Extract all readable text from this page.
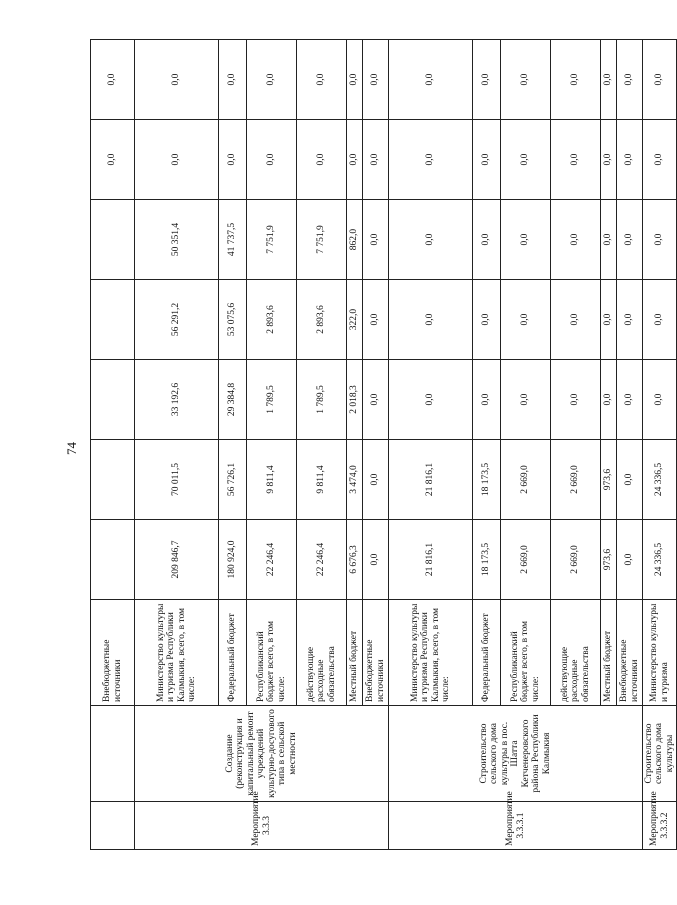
74
		Внебюджетные источники						0,0	0,0
Мероприятие 3.3.3	Создание (реконструкция и капитальный ремонт учреждений культурно-досугового типа в сельской местности	Министерство культуры и туризма Республики Калмыкия, всего, в том числе:	209 846,7	70 011,5	33 192,6	56 291,2	50 351,4	0,0	0,0
		Федеральный бюджет	180 924,0	56 726,1	29 384,8	53 075,6	41 737,5	0,0	0,0
		Республиканский бюджет всего, в том числе:	22 246,4	9 811,4	1 789,5	2 893,6	7 751,9	0,0	0,0
		действующие расходные обязательства	22 246,4	9 811,4	1 789,5	2 893,6	7 751,9	0,0	0,0
		Местный бюджет	6 676,3	3 474,0	2 018,3	322,0	862,0	0,0	0,0
		Внебюджетные источники	0,0	0,0	0,0	0,0	0,0	0,0	0,0
Мероприятие 3.3.3.1	Строительство сельского дома культуры в пос. Шатта Кетченеровского района Республики Калмыкия	Министерство культуры и туризма Республики Калмыкия, всего, в том числе:	21 816,1	21 816,1	0,0	0,0	0,0	0,0	0,0
		Федеральный бюджет	18 173,5	18 173,5	0,0	0,0	0,0	0,0	0,0
		Республиканский бюджет всего, в том числе:	2 669,0	2 669,0	0,0	0,0	0,0	0,0	0,0
		действующие расходные обязательства	2 669,0	2 669,0	0,0	0,0	0,0	0,0	0,0
		Местный бюджет	973,6	973,6	0,0	0,0	0,0	0,0	0,0
		Внебюджетные источники	0,0	0,0	0,0	0,0	0,0	0,0	0,0
Мероприятие 3.3.3.2	Строительство сельского дома культуры	Министерство культуры и туризма	24 336,5	24 336,5	0,0	0,0	0,0	0,0	0,0
